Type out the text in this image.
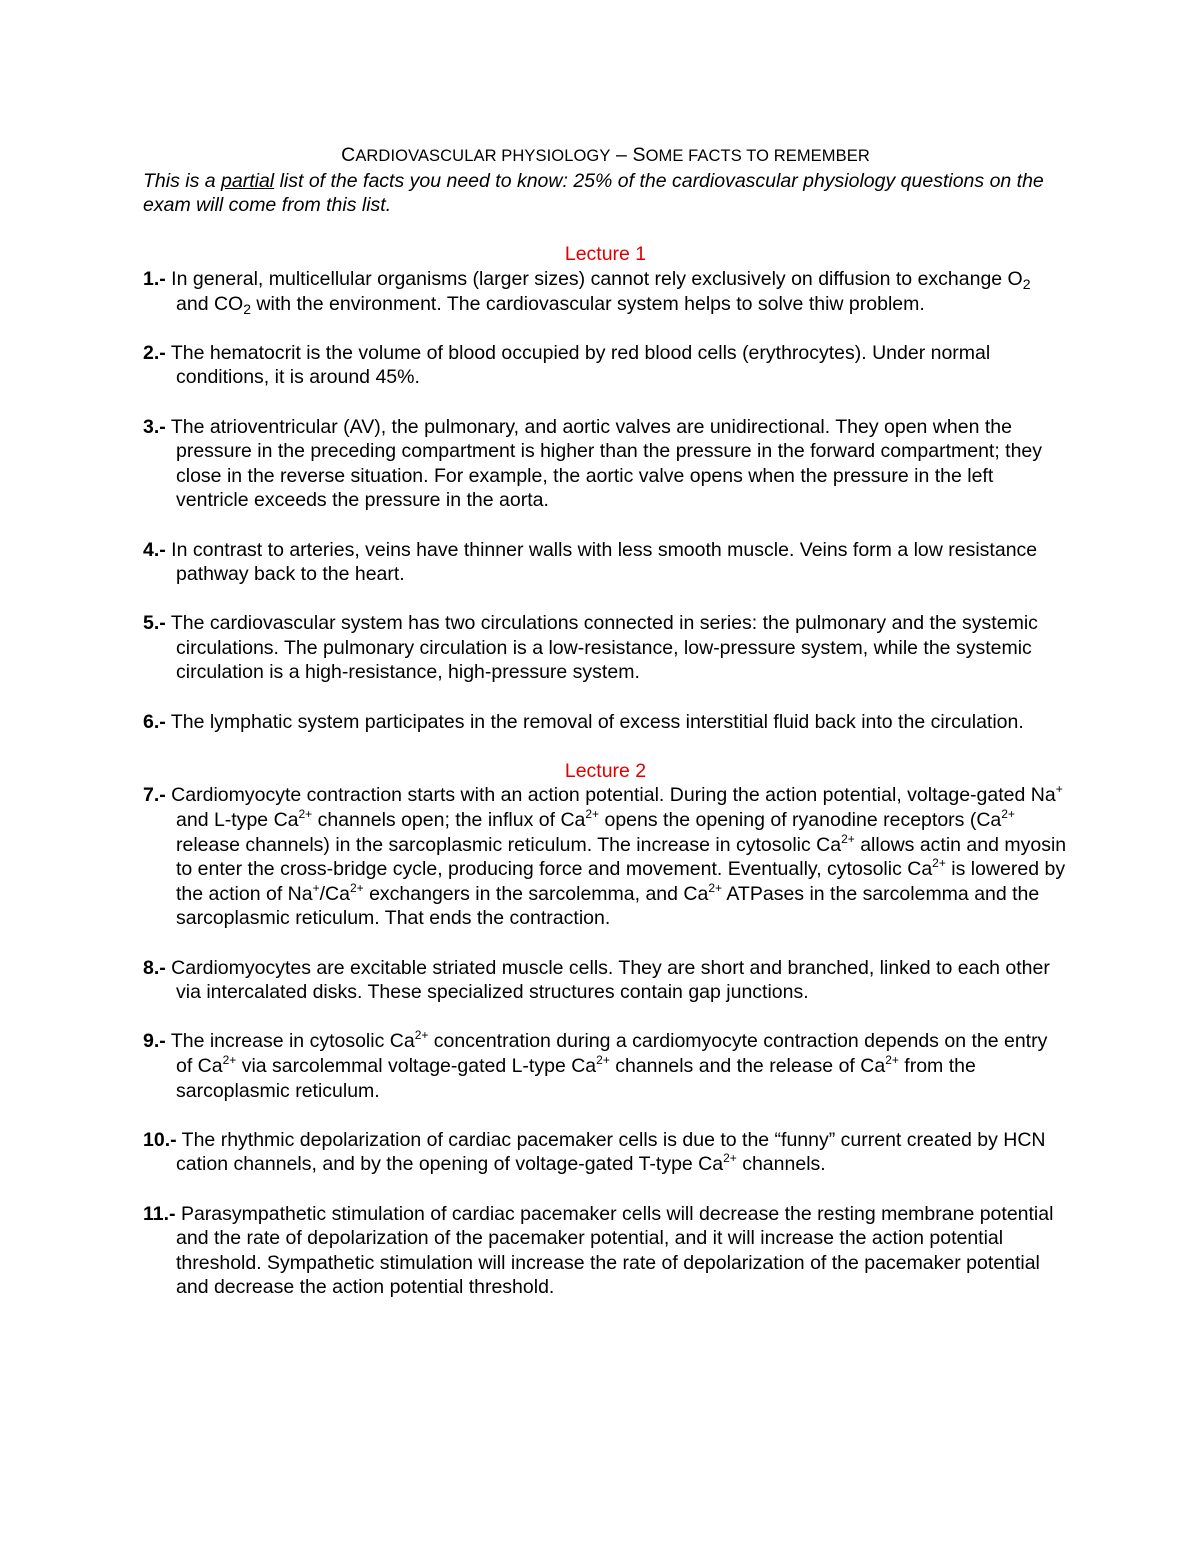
CARDIOVASCULAR PHYSIOLOGY – SOME FACTS TO REMEMBER

This is a partial list of the facts you need to know: 25% of the cardiovascular physiology questions on the exam will come from this list.

Lecture 1

1.- In general, multicellular organisms (larger sizes) cannot rely exclusively on diffusion to exchange $O_2$ and $CO_2$ with the environment. The cardiovascular system helps to solve thiw problem.

2.- The hematocrit is the volume of blood occupied by red blood cells (erythrocytes). Under normal conditions, it is around 45%.

3.- The atrioventricular (AV), the pulmonary, and aortic valves are unidirectional. They open when the pressure in the preceding compartment is higher than the pressure in the forward compartment; they close in the reverse situation. For example, the aortic valve opens when the pressure in the left ventricle exceeds the pressure in the aorta.

4.- In contrast to arteries, veins have thinner walls with less smooth muscle. Veins form a low resistance pathway back to the heart.

5.- The cardiovascular system has two circulations connected in series: the pulmonary and the systemic circulations. The pulmonary circulation is a low-resistance, low-pressure system, while the systemic circulation is a high-resistance, high-pressure system.

6.- The lymphatic system participates in the removal of excess interstitial fluid back into the circulation.

Lecture 2

7.- Cardiomyocyte contraction starts with an action potential. During the action potential, voltage-gated Na+ and L-type $Ca^{2+}$ channels open; the influx of $Ca^{2+}$ opens the opening of ryanodine receptors ($Ca^{2+}$ release channels) in the sarcoplasmic reticulum. The increase in cytosolic $Ca^{2+}$ allows actin and myosin to enter the cross-bridge cycle, producing force and movement. Eventually, cytosolic $Ca^{2+}$ is lowered by the action of $Na^+/Ca^{2+}$ exchangers in the sarcolemma, and $Ca^{2+}$ ATPases in the sarcolemma and the sarcoplasmic reticulum. That ends the contraction.

8.- Cardiomyocytes are excitable striated muscle cells. They are short and branched, linked to each other via intercalated disks. These specialized structures contain gap junctions.

9.- The increase in cytosolic $Ca^{2+}$ concentration during a cardiomyocyte contraction depends on the entry of $Ca^{2+}$ via sarcolemmal voltage-gated L-type $Ca^{2+}$ channels and the release of $Ca^{2+}$ from the sarcoplasmic reticulum.

10.- The rhythmic depolarization of cardiac pacemaker cells is due to the “funny” current created by HCN cation channels, and by the opening of voltage-gated T-type $Ca^{2+}$ channels.

11.- Parasympathetic stimulation of cardiac pacemaker cells will decrease the resting membrane potential and the rate of depolarization of the pacemaker potential, and it will increase the action potential threshold. Sympathetic stimulation will increase the rate of depolarization of the pacemaker potential and decrease the action potential threshold.
